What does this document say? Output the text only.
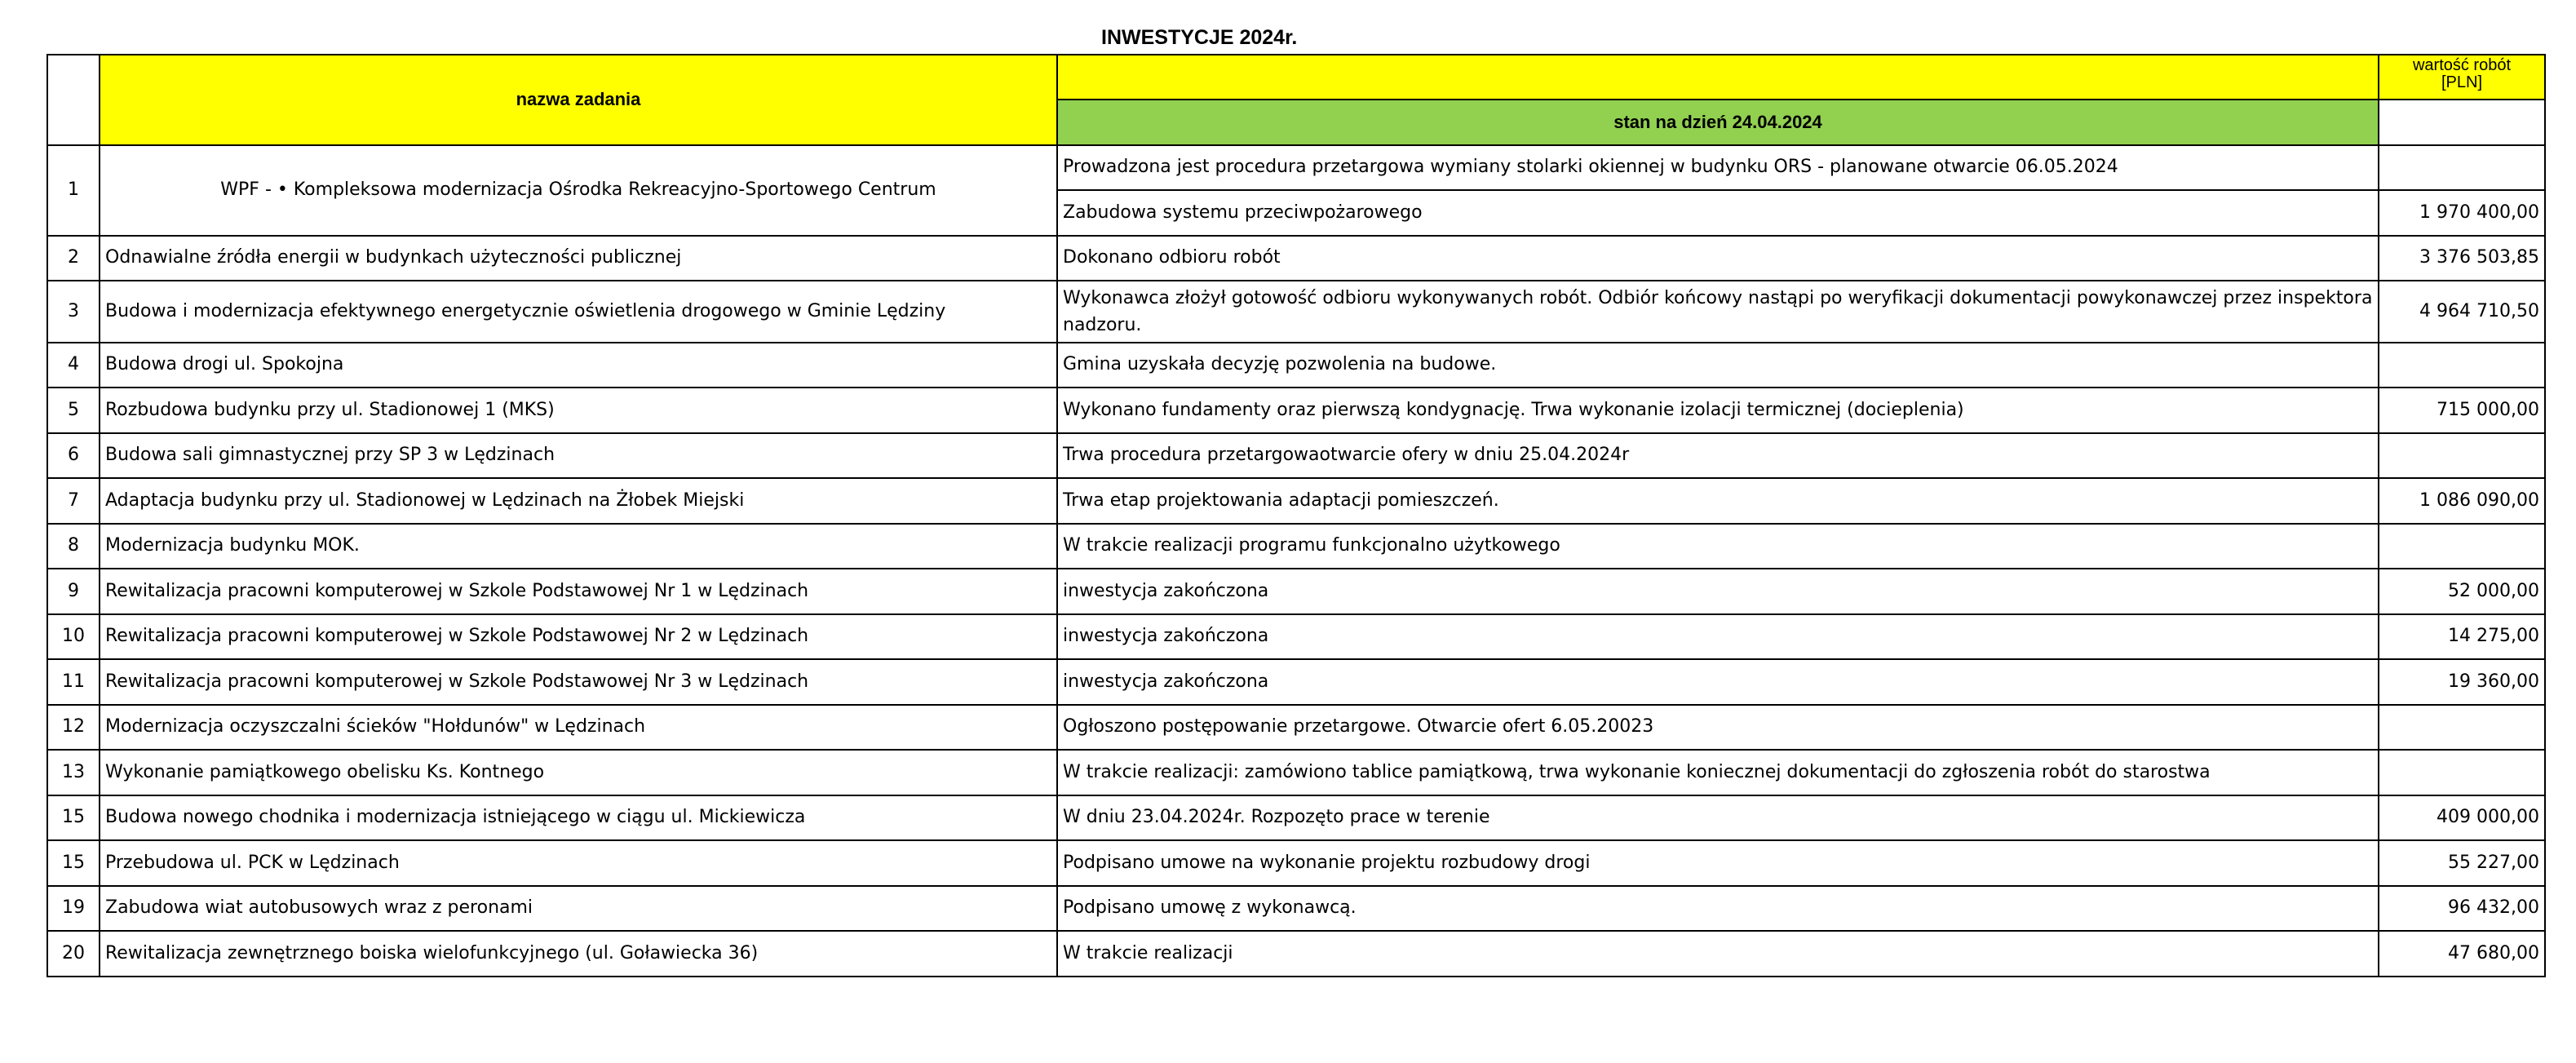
INWESTYCJE 2024r.
	nazwa zadania		wartość robót
[PLN]

		stan na dzień 24.04.2024	
1	WPF - • Kompleksowa modernizacja Ośrodka Rekreacyjno-Sportowego Centrum	Prowadzona jest procedura przetargowa wymiany stolarki okiennej w budynku ORS - planowane otwarcie 06.05.2024	
		Zabudowa systemu przeciwpożarowego	1 970 400,00
2	Odnawialne źródła energii w budynkach użyteczności publicznej	Dokonano odbioru robót	3 376 503,85
3	Budowa i modernizacja efektywnego energetycznie oświetlenia drogowego w Gminie Lędziny	Wykonawca złożył gotowość odbioru wykonywanych robót. Odbiór końcowy nastąpi po weryfikacji dokumentacji powykonawczej przez inspektora nadzoru.	4 964 710,50
4	Budowa drogi ul. Spokojna	Gmina uzyskała decyzję pozwolenia na budowe.	
5	Rozbudowa budynku przy ul. Stadionowej 1 (MKS)	Wykonano fundamenty oraz pierwszą kondygnację. Trwa wykonanie izolacji termicznej (docieplenia)	715 000,00
6	Budowa sali gimnastycznej przy SP 3 w Lędzinach	Trwa procedura przetargowaotwarcie ofery w dniu 25.04.2024r	
7	Adaptacja budynku przy ul. Stadionowej w Lędzinach na Żłobek Miejski	Trwa etap projektowania adaptacji pomieszczeń.	1 086 090,00
8	Modernizacja budynku MOK.	W trakcie realizacji programu funkcjonalno użytkowego	
9	Rewitalizacja pracowni komputerowej w Szkole Podstawowej Nr 1 w Lędzinach	inwestycja zakończona	52 000,00
10	Rewitalizacja pracowni komputerowej w Szkole Podstawowej Nr 2 w Lędzinach	inwestycja zakończona	14 275,00
11	Rewitalizacja pracowni komputerowej w Szkole Podstawowej Nr 3 w Lędzinach	inwestycja zakończona	19 360,00
12	Modernizacja oczyszczalni ścieków "Hołdunów" w Lędzinach	Ogłoszono postępowanie przetargowe. Otwarcie ofert 6.05.20023	
13	Wykonanie pamiątkowego obelisku Ks. Kontnego	W trakcie realizacji: zamówiono tablice pamiątkową, trwa wykonanie koniecznej dokumentacji do zgłoszenia robót do starostwa	
15	Budowa nowego chodnika i modernizacja istniejącego w ciągu ul. Mickiewicza	W dniu 23.04.2024r. Rozpozęto prace w terenie	409 000,00
15	Przebudowa ul. PCK w Lędzinach	Podpisano umowe na wykonanie projektu rozbudowy drogi	55 227,00
19	Zabudowa wiat autobusowych wraz z peronami	Podpisano umowę z wykonawcą.	96 432,00
20	Rewitalizacja zewnętrznego boiska wielofunkcyjnego (ul. Goławiecka 36)	W trakcie realizacji	47 680,00
